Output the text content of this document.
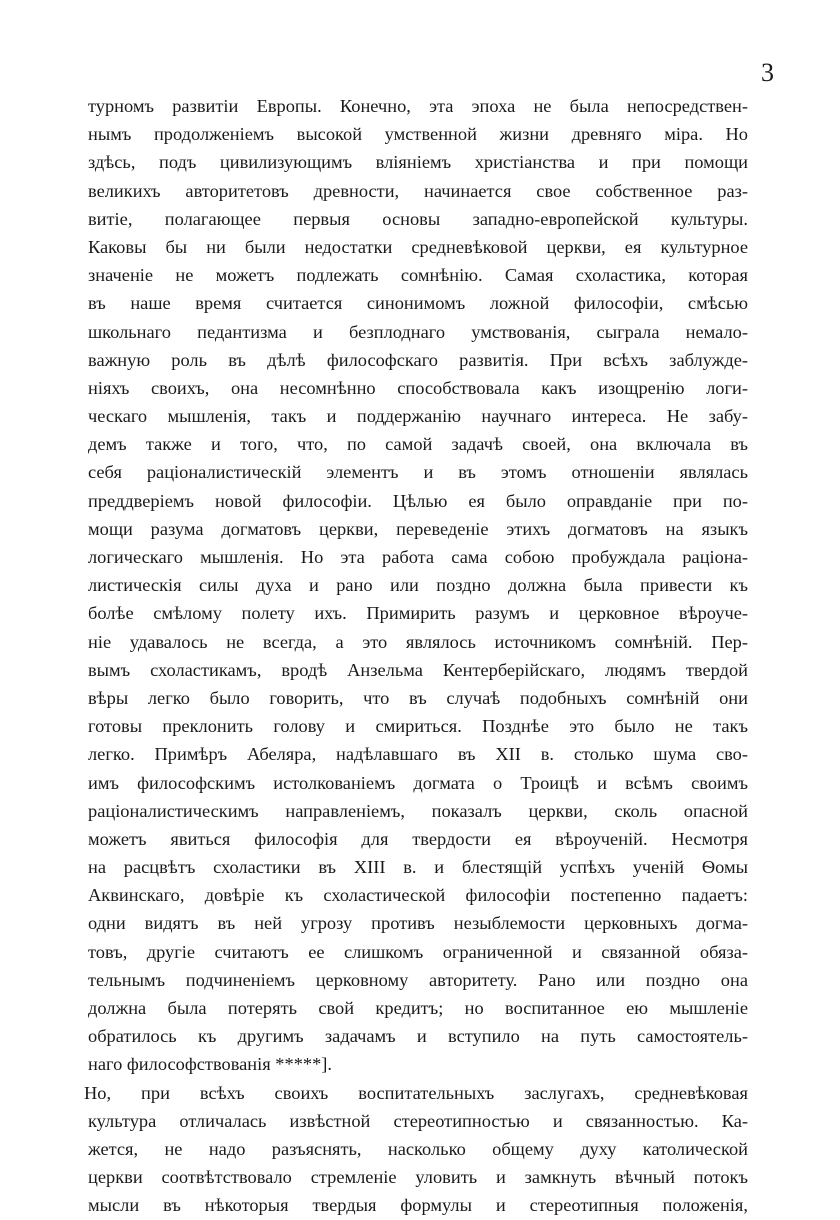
3
турномъ развитіи Европы. Конечно, эта эпоха не была непосредствен-
нымъ продолженіемъ высокой умственной жизни древняго міра. Но
здѣсь, подъ цивилизующимъ вліяніемъ христіанства и при помощи
великихъ авторитетовъ древности, начинается свое собственное раз-
витіе, полагающее первыя основы западно-европейской культуры.
Каковы бы ни были недостатки средневѣковой церкви, ея культурное
значеніе не можетъ подлежать сомнѣнію. Самая схоластика, которая
въ наше время считается синонимомъ ложной философіи, смѣсью
школьнаго педантизма и безплоднаго умствованія, сыграла немало-
важную роль въ дѣлѣ философскаго развитія. При всѣхъ заблужде-
ніяхъ своихъ, она несомнѣнно способствовала какъ изощренію логи-
ческаго мышленія, такъ и поддержанію научнаго интереса. Не забу-
демъ также и того, что, по самой задачѣ своей, она включала въ
себя раціоналистическій элементъ и въ этомъ отношеніи являлась
преддверіемъ новой философіи. Цѣлью ея было оправданіе при по-
мощи разума догматовъ церкви, переведеніе этихъ догматовъ на языкъ
логическаго мышленія. Но эта работа сама собою пробуждала раціона-
листическія силы духа и рано или поздно должна была привести къ
болѣе смѣлому полету ихъ. Примирить разумъ и церковное вѣроуче-
ніе удавалось не всегда, а это являлось источникомъ сомнѣній. Пер-
вымъ схоластикамъ, вродѣ Анзельма Кентерберійскаго, людямъ твердой
вѣры легко было говорить, что въ случаѣ подобныхъ сомнѣній они
готовы преклонить голову и смириться. Позднѣе это было не такъ
легко. Примѣръ Абеляра, надѣлавшаго въ XII в. столько шума сво-
имъ философскимъ истолкованіемъ догмата о Троицѣ и всѣмъ своимъ
раціоналистическимъ направленіемъ, показалъ церкви, сколь опасной
можетъ явиться философія для твердости ея вѣроученій. Несмотря
на расцвѣтъ схоластики въ XIII в. и блестящій успѣхъ ученій Ѳомы
Аквинскаго, довѣріе къ схоластической философіи постепенно падаетъ:
одни видятъ въ ней угрозу противъ незыблемости церковныхъ догма-
товъ, другіе считаютъ ее слишкомъ ограниченной и связанной обяза-
тельнымъ подчиненіемъ церковному авторитету. Рано или поздно она
должна была потерять свой кредитъ; но воспитанное ею мышленіе
обратилось къ другимъ задачамъ и вступило на путь самостоятель-
наго философствованія *****].
Но, при всѣхъ своихъ воспитательныхъ заслугахъ, средневѣковая
культура отличалась извѣстной стереотипностью и связанностью. Ка-
жется, не надо разъяснять, насколько общему духу католической
церкви соотвѣтствовало стремленіе уловить и замкнуть вѣчный потокъ
мысли въ нѣкоторыя твердыя формулы и стереотипныя положенія,
